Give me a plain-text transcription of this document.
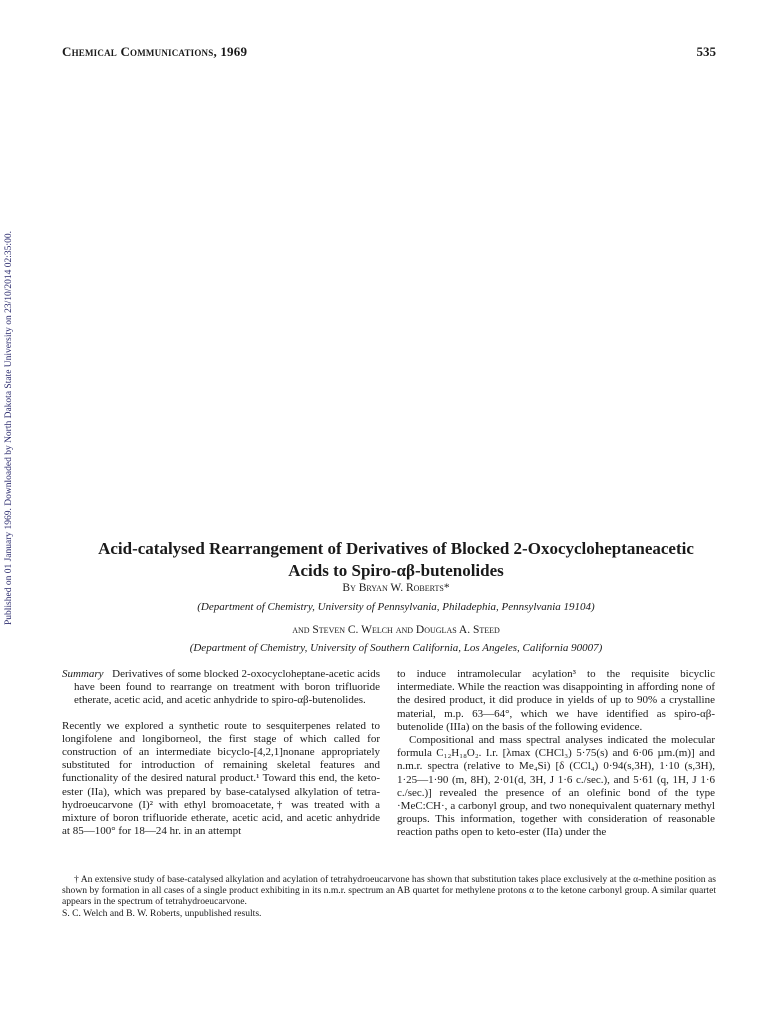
Chemical Communications, 1969	535
Published on 01 January 1969. Downloaded by North Dakota State University on 23/10/2014 02:35:00.	Acid-catalysed Rearrangement of Derivatives of Blocked 2-Oxocycloheptaneacetic
Acids to Spiro-αβ-butenolides
By Bryan W. Roberts*
(Department of Chemistry, University of Pennsylvania, Philadephia, Pennsylvania 19104)
and Steven C. Welch and Douglas A. Steed
(Department of Chemistry, University of Southern California, Los Angeles, California 90007)

Summary Derivatives of some blocked 2-oxocycloheptane-acetic acids have been found to rearrange on treatment with boron trifluoride etherate, acetic acid, and acetic anhydride to spiro-αβ-butenolides.

Recently we explored a synthetic route to sesquiterpenes related to longifolene and longiborneol, the first stage of which called for construction of an intermediate bicyclo-[4,2,1]nonane appropriately substituted for introduction of remaining skeletal features and functionality of the desired natural product.¹ Toward this end, the keto-ester (IIa), which was prepared by base-catalysed alkylation of tetra-hydroeucarvone (I)² with ethyl bromoacetate,† was treated with a mixture of boron trifluoride etherate, acetic acid, and acetic anhydride at 85—100° for 18—24 hr. in an attempt

to induce intramolecular acylation³ to the requisite bicyclic intermediate. While the reaction was disappointing in affording none of the desired product, it did produce in yields of up to 90% a crystalline material, m.p. 63—64°, which we have identified as spiro-αβ-butenolide (IIIa) on the basis of the following evidence.

Compositional and mass spectral analyses indicated the molecular formula C₁₂H₁₈O₂. I.r. [λmax (CHCl₃) 5·75(s) and 6·06 µm.(m)] and n.m.r. spectra (relative to Me₄Si) [δ (CCl₄) 0·94(s,3H), 1·10 (s,3H), 1·25—1·90 (m, 8H), 2·01(d, 3H, J 1·6 c./sec.), and 5·61 (q, 1H, J 1·6 c./sec.)] revealed the presence of an olefinic bond of the type ·MeC:CH·, a carbonyl group, and two nonequivalent quaternary methyl groups. This information, together with consideration of reasonable reaction paths open to keto-ester (IIa) under the

† An extensive study of base-catalysed alkylation and acylation of tetrahydroeucarvone has shown that substitution takes place exclusively at the α-methine position as shown by formation in all cases of a single product exhibiting in its n.m.r. spectrum an AB quartet for methylene protons α to the ketone carbonyl group. A similar quartet appears in the spectrum of tetrahydroeucarvone.

S. C. Welch and B. W. Roberts, unpublished results.
